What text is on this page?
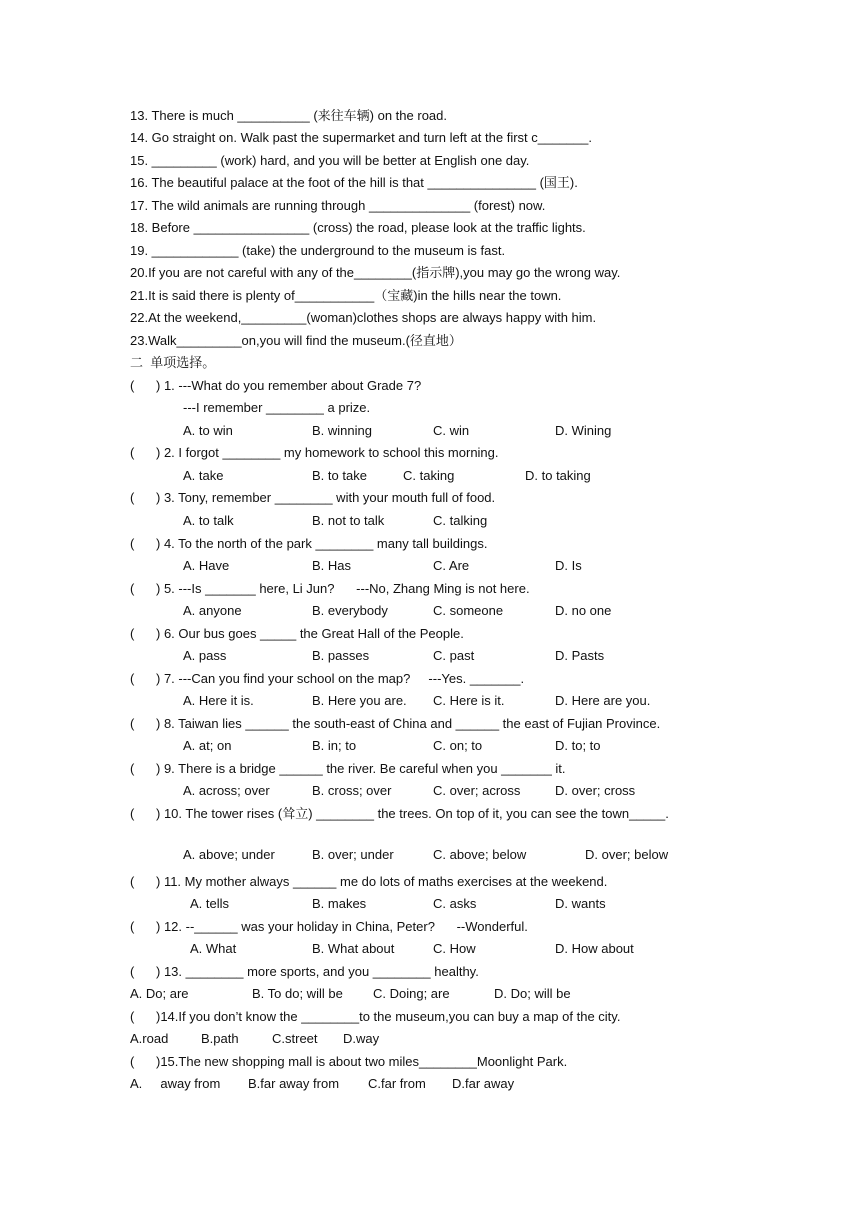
13. There is much __________ (来往车辆) on the road.
14. Go straight on. Walk past the supermarket and turn left at the first c_______.
15. _________ (work) hard, and you will be better at English one day.
16. The beautiful palace at the foot of the hill is that _______________ (国王).
17. The wild animals are running through ______________ (forest) now.
18. Before ________________ (cross) the road, please look at the traffic lights.
19. ____________ (take) the underground to the museum is fast.
20.If you are not careful with any of the________(指示牌),you may go the wrong way.
21.It is said there is plenty of___________（宝藏)in the hills near the town.
22.At the weekend,_________(woman)clothes shops are always happy with him.
23.Walk_________on,you will find the museum.(径直地）
二  单项选择。
(      ) 1. ---What do you remember about Grade 7?
---I remember ________ a prize.
A. to win	B. winning	C. win	D. Wining
(      ) 2. I forgot ________ my homework to school this morning.
A. take	B. to take	C. taking	D. to taking
(      ) 3. Tony, remember ________ with your mouth full of food.
A. to talk	B. not to talk	C. talking
(      ) 4. To the north of the park ________ many tall buildings.
A. Have	B. Has	C. Are	D. Is
(      ) 5. ---Is _______ here, Li Jun?      ---No, Zhang Ming is not here.
A. anyone	B. everybody	C. someone	D. no one
(      ) 6. Our bus goes _____ the Great Hall of the People.
A. pass	B. passes	C. past	D. Pasts
(      ) 7. ---Can you find your school on the map?     ---Yes. _______.
A. Here it is.	B. Here you are. C. Here is it.	D. Here are you.
(      ) 8. Taiwan lies ______ the south-east of China and ______ the east of Fujian Province.
A. at; on	B. in; to	C. on; to	D. to; to
(      ) 9. There is a bridge ______ the river. Be careful when you _______ it.
A. across; over	B. cross; over	C. over; across	D. over; cross
(      ) 10. The tower rises (耸立) ________ the trees. On top of it, you can see the town_____.
A. above; under	B. over; under	C. above; below	D. over; below
(      ) 11. My mother always ______ me do lots of maths exercises at the weekend.
A. tells	B. makes	C. asks	D. wants
(      ) 12. --______ was your holiday in China, Peter?      --Wonderful.
A. What	B. What about	C. How	D. How about
(      ) 13. ________ more sports, and you ________ healthy.
A. Do; are	B. To do; will be C. Doing; are	D. Do; will be
(      )14.If you don’t know the ________to the museum,you can buy a map of the city.
A.road	B.path	C.street D.way
(      )15.The new shopping mall is about two miles________Moonlight Park.
A.     away from B.far away from C.far from D.far away
